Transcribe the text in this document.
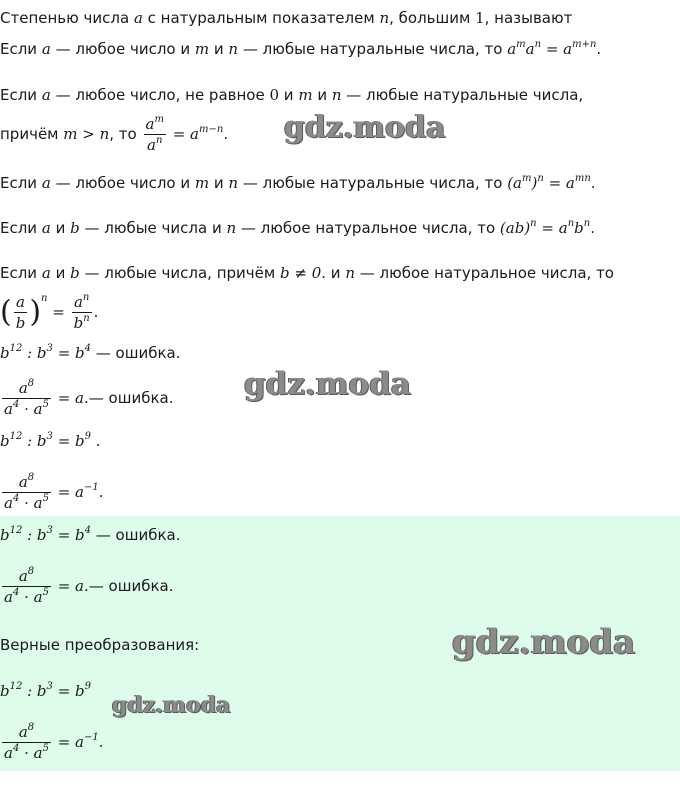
Степенью числа a с натуральным показателем n, большим 1, называют
Если a — любое число и m и n — любые натуральные числа, то $a^ma^n = a^{m+n}$.
Если a — любое число, не равное 0 и m и n — любые натуральные числа,
причём m > n, то $\frac{a^m}{a^n} = a^{m-n}$.
Если a — любое число и m и n — любые натуральные числа, то $(a^m)^n = a^{mn}$.
Если a и b — любые числа и n — любое натуральное числа, то $(ab)^n = a^nb^n$.
Если a и b — любые числа, причём b ≠ 0. и n — любое натуральное числа, то
( $\frac{a}{b} )^n = \frac{a^n}{b^n}$ .
$b^{12}$ : $b^3 = b^4$ — ошибка.
$\frac{a^8}{a^4 \cdot a^5}$ = a.— ошибка.
$b^{12}$ : $b^3 = b^9$ .
$\frac{a^8}{a^4 \cdot a^5} = a^{-1}$.
$b^{12}$ : $b^3 = b^4$ — ошибка.
$\frac{a^8}{a^4 \cdot a^5}$ = a.— ошибка.
Верные преобразования:
$b^{12}$ : $b^3 = b^9$
$\frac{a^8}{a^4 \cdot a^5} = a^{-1}$.
gdz.moda
gdz.moda
gdz.moda
gdz.moda
